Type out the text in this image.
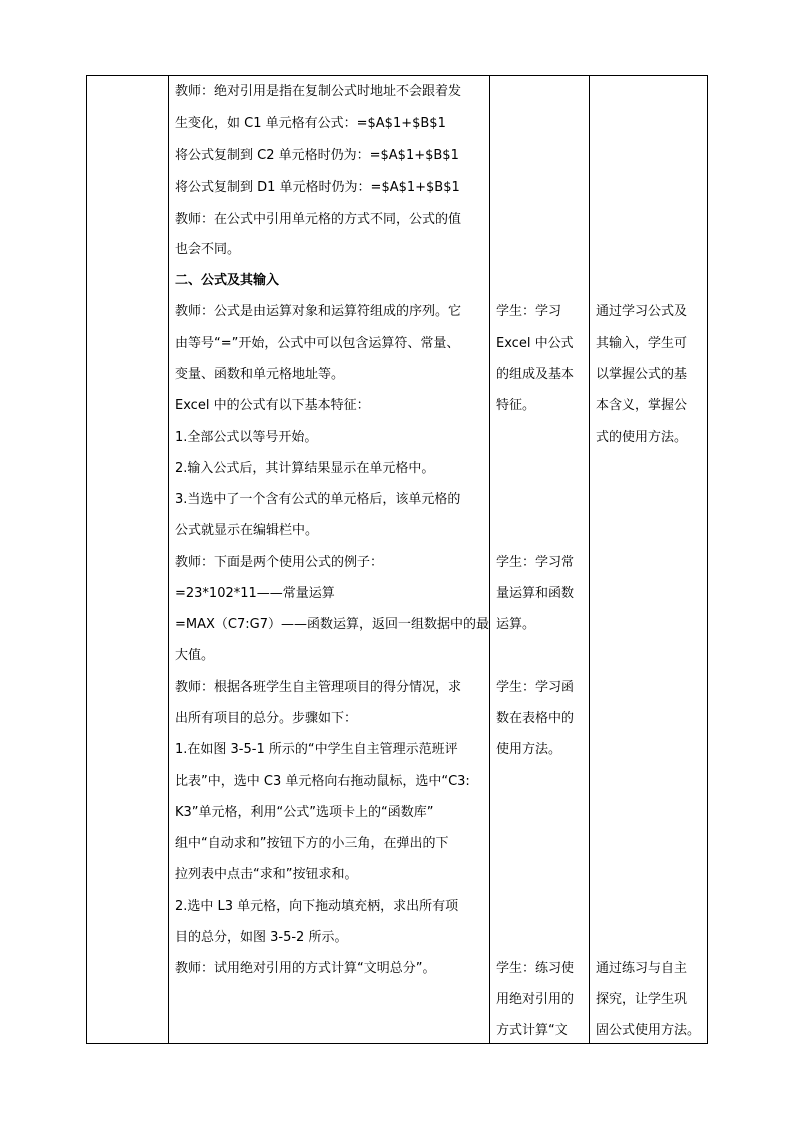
教师：绝对引用是指在复制公式时地址不会跟着发
生变化，如 C1 单元格有公式：=$A$1+$B$1
将公式复制到 C2 单元格时仍为：=$A$1+$B$1
将公式复制到 D1 单元格时仍为：=$A$1+$B$1
教师：在公式中引用单元格的方式不同，公式的值
也会不同。
二、公式及其输入
教师：公式是由运算对象和运算符组成的序列。它
由等号“=”开始，公式中可以包含运算符、常量、
变量、函数和单元格地址等。
Excel 中的公式有以下基本特征：
1.全部公式以等号开始。
2.输入公式后，其计算结果显示在单元格中。
3.当选中了一个含有公式的单元格后，该单元格的
公式就显示在编辑栏中。
教师：下面是两个使用公式的例子：
=23*102*11——常量运算
=MAX（C7:G7）——函数运算，返回一组数据中的最
大值。
教师：根据各班学生自主管理项目的得分情况，求
出所有项目的总分。步骤如下：
1.在如图 3-5-1 所示的“中学生自主管理示范班评
比表”中，选中 C3 单元格向右拖动鼠标，选中“C3:
K3”单元格，利用“公式”选项卡上的“函数库”
组中“自动求和”按钮下方的小三角，在弹出的下
拉列表中点击“求和”按钮求和。
2.选中 L3 单元格，向下拖动填充柄，求出所有项
目的总分，如图 3-5-2 所示。
教师：试用绝对引用的方式计算“文明总分”。
学生：学习
Excel 中公式
的组成及基本
特征。
学生：学习常
量运算和函数
运算。
学生：学习函
数在表格中的
使用方法。
学生：练习使
用绝对引用的
方式计算“文
通过学习公式及
其输入，学生可
以掌握公式的基
本含义，掌握公
式的使用方法。
通过练习与自主
探究，让学生巩
固公式使用方法。
